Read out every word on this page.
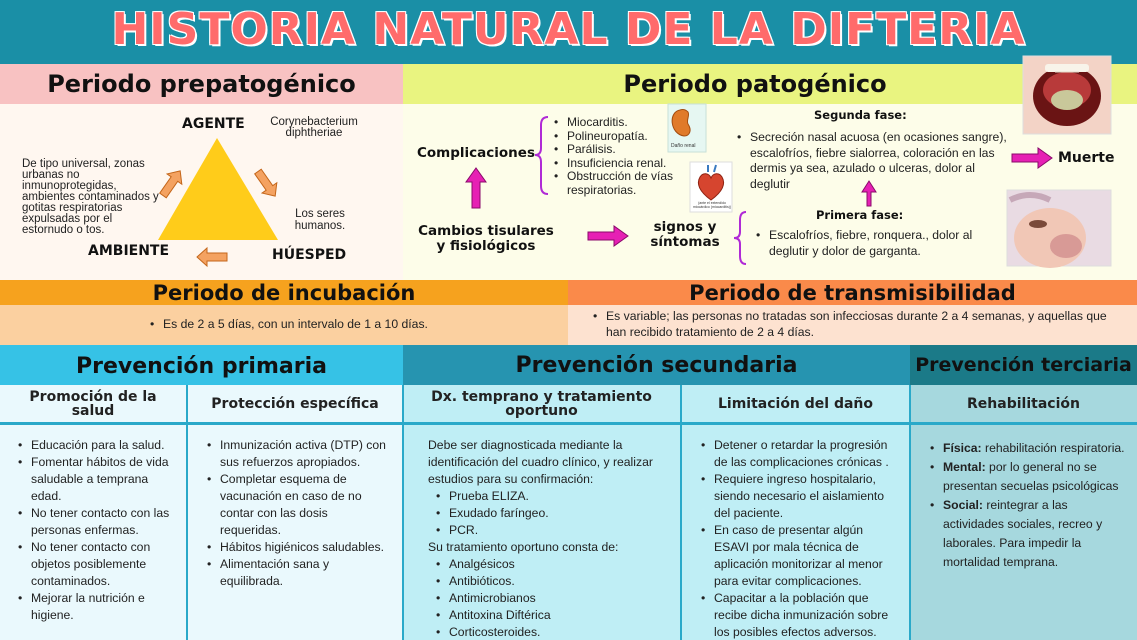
HISTORIA NATURAL DE LA DIFTERIA
Periodo prepatogénico
AGENTE	Corynebacterium diphtheriae
De tipo universal, zonas urbanas no inmunoprotegidas, ambientes contaminados y gotitas respiratorias expulsadas por el estornudo o tos.
AMBIENTE	HÚESPED
Los seres humanos.
Periodo patogénico
Complicaciones	Daño renal
(ante el extendido miocárdico (miocarditis))
• Miocarditis.
• Polineuropatía.
• Parálisis.
• Insuficiencia renal.
• Obstrucción de vías respiratorias.
Cambios tisulares y fisiológicos
signos y síntomas
Segunda fase:
• Secreción nasal acuosa (en ocasiones sangre), escalofríos, fiebre sialorrea, coloración en las dermis ya sea, azulado o ulceras, dolor al deglutir
Primera fase:
• Escalofríos, fiebre, ronquera., dolor al deglutir y dolor de garganta.
Muerte
Periodo de incubación
• Es de 2 a 5 días, con un intervalo de 1 a 10 días.
Periodo de transmisibilidad
• Es variable; las personas no tratadas son infecciosas durante 2 a 4 semanas, y aquellas que han recibido tratamiento de 2 a 4 días.
Prevención primaria	Prevención secundaria	Prevención terciaria
Promoción de la salud	Protección específica	Dx. temprano y tratamiento oportuno	Limitación del daño	Rehabilitación
• Educación para la salud.
• Fomentar hábitos de vida saludable a temprana edad.
• No tener contacto con las personas enfermas.
• No tener contacto con objetos posiblemente contaminados.
• Mejorar la nutrición e higiene.
• Inmunización activa (DTP) con sus refuerzos apropiados.
• Completar esquema de vacunación en caso de no contar con las dosis requeridas.
• Hábitos higiénicos saludables.
• Alimentación sana y equilibrada.
Debe ser diagnosticada mediante la identificación del cuadro clínico, y realizar estudios para su confirmación:
• Prueba ELIZA.
• Exudado faríngeo.
• PCR.
Su tratamiento oportuno consta de:
• Analgésicos
• Antibióticos.
• Antimicrobianos
• Antitoxina Diftérica
• Corticosteroides.
• Detener o retardar la progresión de las complicaciones crónicas .
• Requiere ingreso hospitalario, siendo necesario el aislamiento del paciente.
• En caso de presentar algún ESAVI por mala técnica de aplicación monitorizar al menor para evitar complicaciones.
• Capacitar a la población que recibe dicha inmunización sobre los posibles efectos adversos.
• Física: rehabilitación respiratoria.
• Mental: por lo general no se presentan secuelas psicológicas
• Social: reintegrar a las actividades sociales, recreo y laborales. Para impedir la mortalidad temprana.
